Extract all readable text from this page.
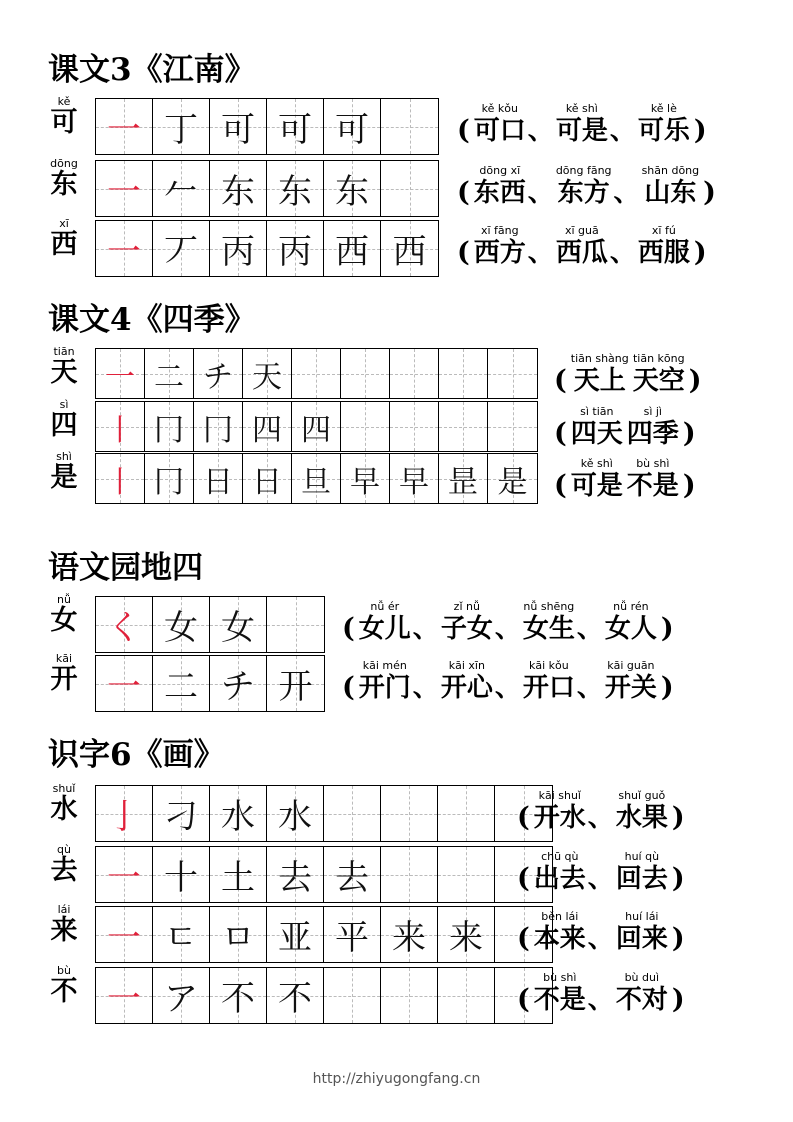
课文3《江南》
kě
可 一 丁 可 可 可	(
kě kǒu
可口 、
kě shì
可是 、
kě lè
可乐 )
dōng
东 一 𠂉 东 东 东	(
dōng xī
东西 、
dōng fāng
东方 、
shān dōng
山东 )
xī
西 一 丆 丙 丙 西 西	(
xī fāng
西方 、
xī guā
西瓜 、
xī fú
西服 )
课文4《四季》
tiān
天 一 二 チ 天	(
tiān shàng
天上
tiān kōng
天空 )
sì
四 丨 冂 冂 四 四	(
sì tiān
四天
sì jì
四季 )
shì
是 丨 冂 日 日 旦 早 早 昰 是 (
kě shì
可是
bù shì
不是 )
语文园地四
nǚ
女 く 女 女	(
nǚ ér
女儿 、
zǐ nǚ
子女 、
nǚ shēng
女生 、
nǚ rén
女人 )
kāi
开 一 二 チ 开	(
kāi mén
开门 、
kāi xīn
开心 、
kāi kǒu
开口 、
kāi guān
开关 )
识字6《画》
shuǐ
水 亅 刁 水 水	(
kāi shuǐ
开水 、
shuǐ guǒ
水果 )
qù
去 一 十 土 去 去	(
chū qù
出去 、
huí qù
回去 )
lái
来 一 ㄷ ㅁ 亚 平 来 来	(
běn lái
本来 、
huí lái
回来 )
bù
不 一 ア 不 不	(
bù shì
不是 、
bù duì
不对 )
http://zhiyugongfang.cn
